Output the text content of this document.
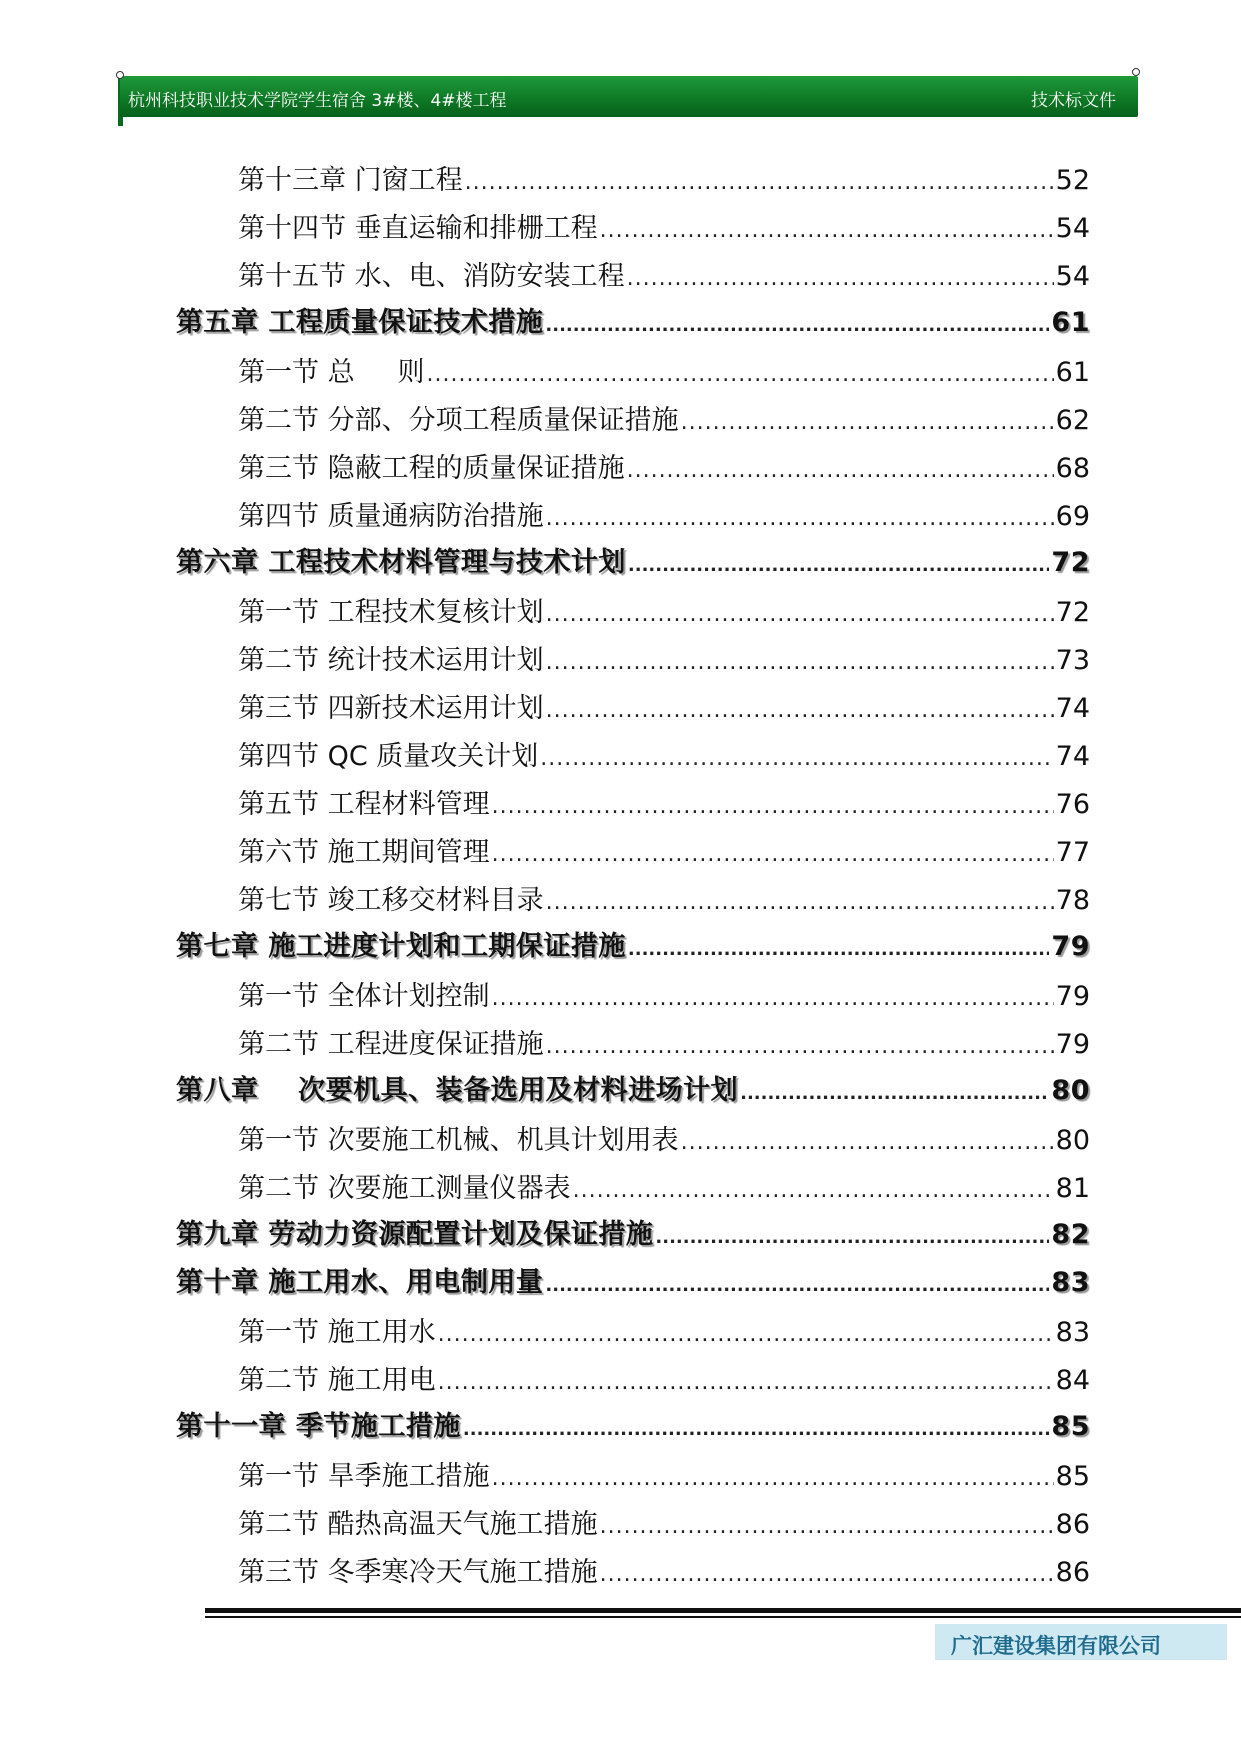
杭州科技职业技术学院学生宿舍 3#楼、4#楼工程	技术标文件
第十三章 门窗工程 .....	52
第十四节 垂直运输和排栅工程 .....	54
第十五节 水、电、消防安装工程 .....	54
第五章 工程质量保证技术措施 .....	61
第一节 总     则 .....	61
第二节 分部、分项工程质量保证措施 .....	62
第三节 隐蔽工程的质量保证措施 .....	68
第四节 质量通病防治措施 .....	69
第六章 工程技术材料管理与技术计划 .....	72
第一节 工程技术复核计划 .....	72
第二节 统计技术运用计划 .....	73
第三节 四新技术运用计划 .....	74
第四节 QC 质量攻关计划 .....	74
第五节 工程材料管理 .....	76
第六节 施工期间管理 .....	77
第七节 竣工移交材料目录 .....	78
第七章 施工进度计划和工期保证措施 .....	79
第一节 全体计划控制 .....	79
第二节 工程进度保证措施 .....	79
第八章    次要机具、装备选用及材料进场计划 .....	80
第一节 次要施工机械、机具计划用表 .....	80
第二节 次要施工测量仪器表 .....	81
第九章 劳动力资源配置计划及保证措施 .....	82
第十章 施工用水、用电制用量 .....	83
第一节 施工用水 .....	83
第二节 施工用电 .....	84
第十一章 季节施工措施 .....	85
第一节 旱季施工措施 .....	85
第二节 酷热高温天气施工措施 .....	86
第三节 冬季寒冷天气施工措施 .....	86
广汇建设集团有限公司
